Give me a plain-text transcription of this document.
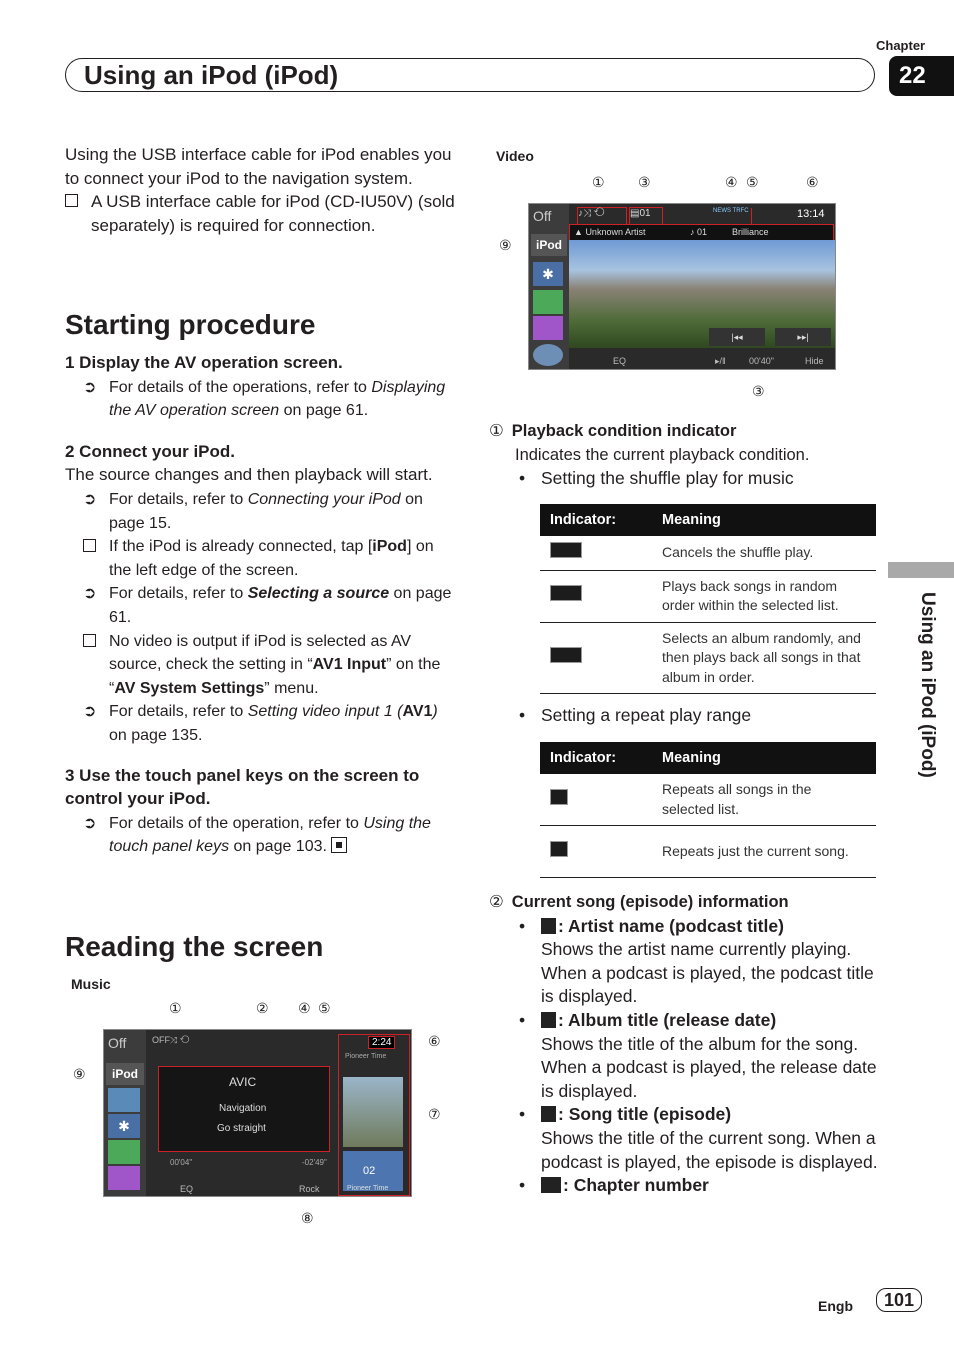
Chapter
22
Using an iPod (iPod)
Using an iPod (iPod)

Using the USB interface cable for iPod enables you to connect your iPod to the navigation system.

A USB interface cable for iPod (CD-IU50V) (sold separately) is required for connection.

Starting procedure
1 Display the AV operation screen.
➲ For details of the operations, refer to Displaying the AV operation screen on page 61.
2 Connect your iPod.
The source changes and then playback will start.
➲ For details, refer to Connecting your iPod on page 15.
If the iPod is already connected, tap [iPod] on the left edge of the screen.
➲ For details, refer to Selecting a source on page 61.
No video is output if iPod is selected as AV source, check the setting in “AV1 Input” on the “AV System Settings” menu.
➲ For details, refer to Setting video input 1 (AV1) on page 135.
3 Use the touch panel keys on the screen to control your iPod.
➲ For details of the operation, refer to Using the touch panel keys on page 103.
Reading the screen
Music
Off
iPod
✱
OFF⤨ ⟲
AVIC
Navigation
Go straight
00'04"	-02'49"
EQ	Rock
2:24
Pioneer Time
02
Pioneer Time
①	② ④ ⑤
⑥
⑦
⑧
⑨
Video
Off
iPod
✱
♪⤨ ⟲	▤01	NEWS TRFC	13:14
▲ Unknown Artist	♪ 01	Brilliance
|◂◂	▸▸|
EQ	▸/ǁ	00'40"	Hide
① ③	④ ⑤	⑥
⑨
③
① Playback condition indicator
Indicates the current playback condition.
• Setting the shuffle play for music
Indicator:	Meaning
	Cancels the shuffle play.
	Plays back songs in random order within the selected list.
	Selects an album randomly, and then plays back all songs in that album in order.
• Setting a repeat play range
Indicator:	Meaning
	Repeats all songs in the selected list.
	Repeats just the current song.
② Current song (episode) information
• : Artist name (podcast title)
Shows the artist name currently playing. When a podcast is played, the podcast title is displayed.
• : Album title (release date)
Shows the title of the album for the song. When a podcast is played, the release date is displayed.
• : Song title (episode)
Shows the title of the current song. When a podcast is played, the episode is displayed.
• : Chapter number
Engb	101
